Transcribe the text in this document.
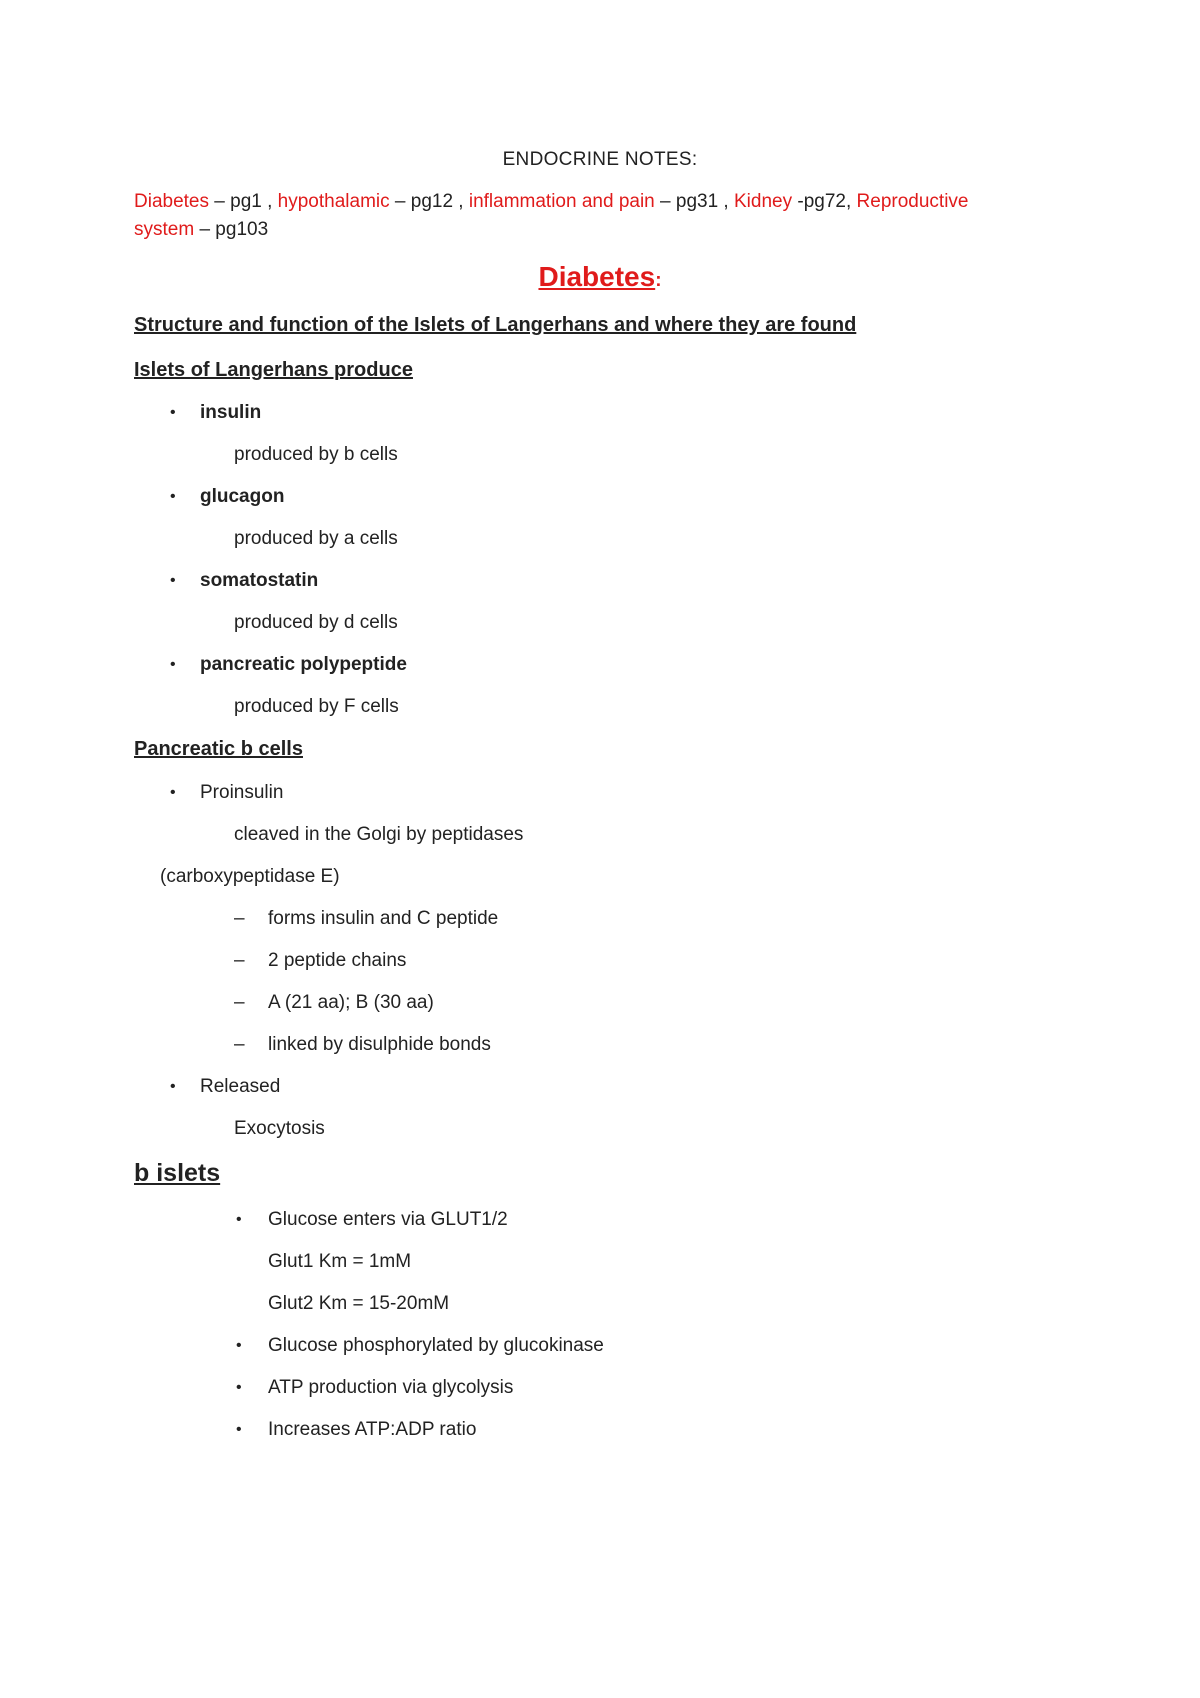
ENDOCRINE NOTES:
Diabetes – pg1 , hypothalamic – pg12 , inflammation and pain – pg31 , Kidney -pg72, Reproductive
system – pg103
Diabetes:
Structure and function of the Islets of Langerhans and where they are found
Islets of Langerhans produce
• insulin
produced by b cells
• glucagon
produced by a cells
• somatostatin
produced by d cells
• pancreatic polypeptide
produced by F cells
Pancreatic b cells
• Proinsulin
cleaved in the Golgi by peptidases
(carboxypeptidase E)
– forms insulin and C peptide
– 2 peptide chains
– A (21 aa); B (30 aa)
– linked by disulphide bonds
• Released
Exocytosis
b islets
• Glucose enters via GLUT1/2
Glut1 Km = 1mM
Glut2 Km = 15-20mM
• Glucose phosphorylated by glucokinase
• ATP production via glycolysis
• Increases ATP:ADP ratio
